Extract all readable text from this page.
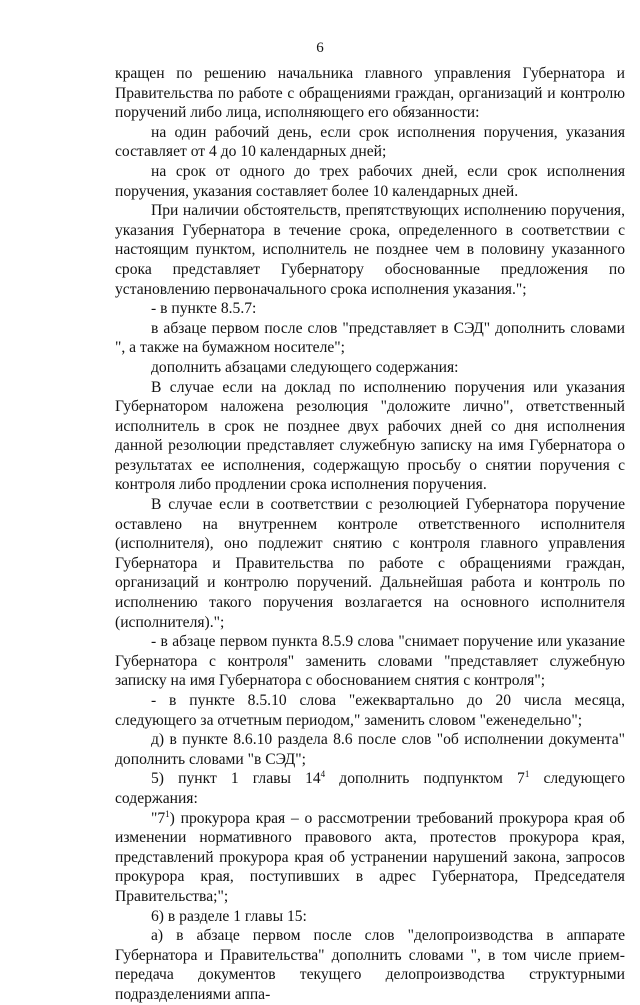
6

кращен по решению начальника главного управления Губернатора и Правительства по работе с обращениями граждан, организаций и контролю поручений либо лица, исполняющего его обязанности:

на один рабочий день, если срок исполнения поручения, указания составляет от 4 до 10 календарных дней;

на срок от одного до трех рабочих дней, если срок исполнения поручения, указания составляет более 10 календарных дней.

При наличии обстоятельств, препятствующих исполнению поручения, указания Губернатора в течение срока, определенного в соответствии с настоящим пунктом, исполнитель не позднее чем в половину указанного срока представляет Губернатору обоснованные предложения по установлению первоначального срока исполнения указания.";

- в пункте 8.5.7:

в абзаце первом после слов "представляет в СЭД" дополнить словами ", а также на бумажном носителе";

дополнить абзацами следующего содержания:

В случае если на доклад по исполнению поручения или указания Губернатором наложена резолюция "доложите лично", ответственный исполнитель в срок не позднее двух рабочих дней со дня исполнения данной резолюции представляет служебную записку на имя Губернатора о результатах ее исполнения, содержащую просьбу о снятии поручения с контроля либо продлении срока исполнения поручения.

В случае если в соответствии с резолюцией Губернатора поручение оставлено на внутреннем контроле ответственного исполнителя (исполнителя), оно подлежит снятию с контроля главного управления Губернатора и Правительства по работе с обращениями граждан, организаций и контролю поручений. Дальнейшая работа и контроль по исполнению такого поручения возлагается на основного исполнителя (исполнителя).";

- в абзаце первом пункта 8.5.9 слова "снимает поручение или указание Губернатора с контроля" заменить словами "представляет служебную записку на имя Губернатора с обоснованием снятия с контроля";

- в пункте 8.5.10 слова "ежеквартально до 20 числа месяца, следующего за отчетным периодом," заменить словом "еженедельно";

д) в пункте 8.6.10 раздела 8.6 после слов "об исполнении документа" дополнить словами "в СЭД";

5) пункт 1 главы $14^4$ дополнить подпунктом $7^1$ следующего содержания:

"$7^1$) прокурора края – о рассмотрении требований прокурора края об изменении нормативного правового акта, протестов прокурора края, представлений прокурора края об устранении нарушений закона, запросов прокурора края, поступивших в адрес Губернатора, Председателя Правительства;";

6) в разделе 1 главы 15:

а) в абзаце первом после слов "делопроизводства в аппарате Губернатора и Правительства" дополнить словами ", в том числе прием-передача документов текущего делопроизводства структурными подразделениями аппа-
